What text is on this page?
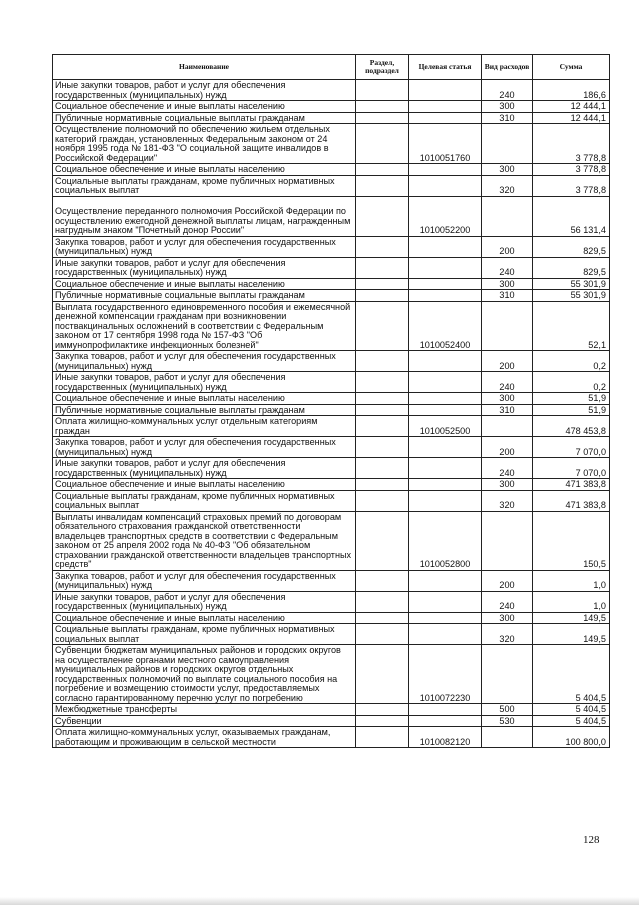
Наименование	Раздел, подраздел	Целевая статья	Вид расходов	Сумма
Иные закупки товаров, работ и услуг для обеспечения государственных (муниципальных) нужд			240	186,6
Социальное обеспечение и иные выплаты населению			300	12 444,1
Публичные нормативные социальные выплаты гражданам			310	12 444,1
Осуществление полномочий по обеспечению жильем отдельных категорий граждан, установленных Федеральным законом от 24 ноября 1995 года № 181-ФЗ "О социальной защите инвалидов в Российской Федерации"		1010051760		3 778,8
Социальное обеспечение и иные выплаты населению			300	3 778,8
Социальные выплаты гражданам, кроме публичных нормативных социальных выплат			320	3 778,8
Осуществление переданного полномочия Российской Федерации по осуществлению ежегодной денежной выплаты лицам, награжденным нагрудным знаком "Почетный донор России"		1010052200		56 131,4
Закупка товаров, работ и услуг для обеспечения государственных (муниципальных) нужд			200	829,5
Иные закупки товаров, работ и услуг для обеспечения государственных (муниципальных) нужд			240	829,5
Социальное обеспечение и иные выплаты населению			300	55 301,9
Публичные нормативные социальные выплаты гражданам			310	55 301,9
Выплата государственного единовременного пособия и ежемесячной денежной компенсации гражданам при возникновении поствакцинальных осложнений в соответствии с Федеральным законом от 17 сентября 1998 года № 157-ФЗ "Об иммунопрофилактике инфекционных болезней"		1010052400		52,1
Закупка товаров, работ и услуг для обеспечения государственных (муниципальных) нужд			200	0,2
Иные закупки товаров, работ и услуг для обеспечения государственных (муниципальных) нужд			240	0,2
Социальное обеспечение и иные выплаты населению			300	51,9
Публичные нормативные социальные выплаты гражданам			310	51,9
Оплата жилищно-коммунальных услуг отдельным категориям граждан		1010052500		478 453,8
Закупка товаров, работ и услуг для обеспечения государственных (муниципальных) нужд			200	7 070,0
Иные закупки товаров, работ и услуг для обеспечения государственных (муниципальных) нужд			240	7 070,0
Социальное обеспечение и иные выплаты населению			300	471 383,8
Социальные выплаты гражданам, кроме публичных нормативных социальных выплат			320	471 383,8
Выплаты инвалидам компенсаций страховых премий по договорам обязательного страхования гражданской ответственности владельцев транспортных средств в соответствии с Федеральным законом от 25 апреля 2002 года № 40-ФЗ "Об обязательном страховании гражданской ответственности владельцев транспортных средств"		1010052800		150,5
Закупка товаров, работ и услуг для обеспечения государственных (муниципальных) нужд			200	1,0
Иные закупки товаров, работ и услуг для обеспечения государственных (муниципальных) нужд			240	1,0
Социальное обеспечение и иные выплаты населению			300	149,5
Социальные выплаты гражданам, кроме публичных нормативных социальных выплат			320	149,5
Субвенции бюджетам муниципальных районов и городских округов на осуществление органами местного самоуправления муниципальных районов и городских округов отдельных государственных полномочий по выплате социального пособия на погребение и возмещению стоимости услуг, предоставляемых согласно гарантированному перечню услуг по погребению		1010072230		5 404,5
Межбюджетные трансферты			500	5 404,5
Субвенции			530	5 404,5
Оплата жилищно-коммунальных услуг, оказываемых гражданам, работающим и проживающим в сельской местности		1010082120		100 800,0
128
